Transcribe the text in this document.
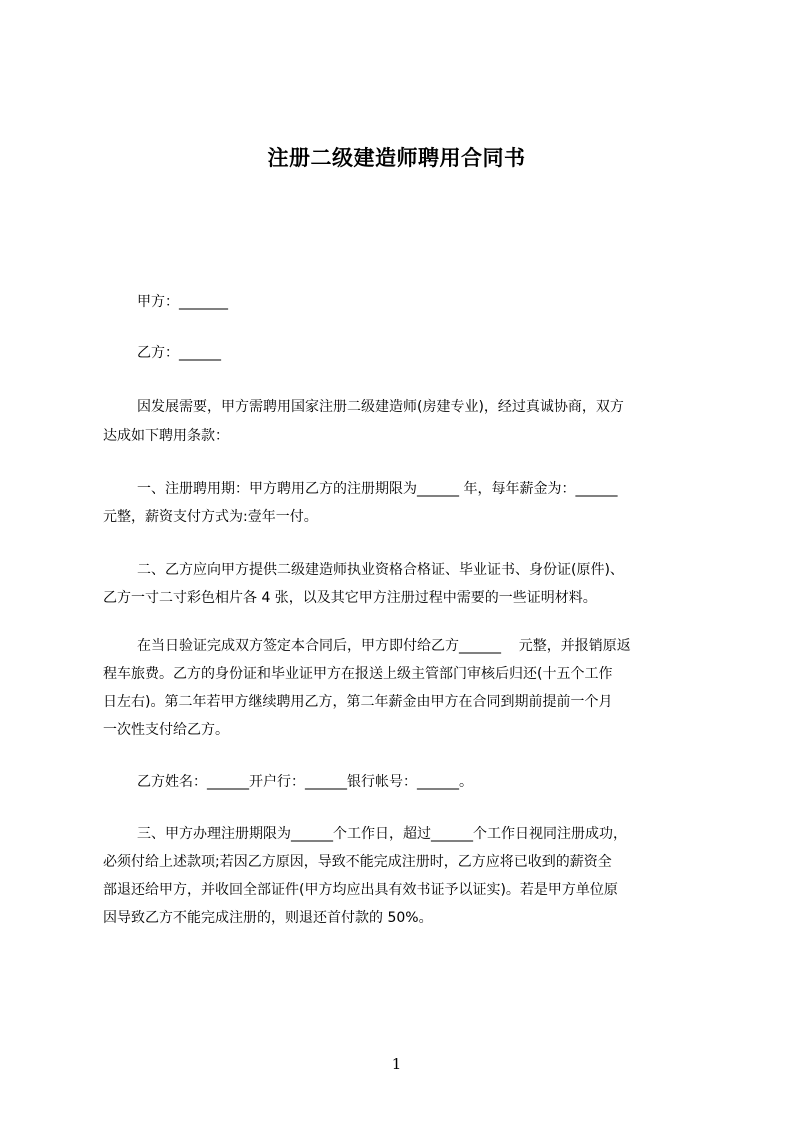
注册二级建造师聘用合同书
甲方：_______
乙方：______
因发展需要，甲方需聘用国家注册二级建造师(房建专业)，经过真诚协商，双方
达成如下聘用条款：
一、注册聘用期：甲方聘用乙方的注册期限为______ 年，每年薪金为：______
元整，薪资支付方式为:壹年一付。
二、乙方应向甲方提供二级建造师执业资格合格证、毕业证书、身份证(原件)、
乙方一寸二寸彩色相片各 4 张，以及其它甲方注册过程中需要的一些证明材料。
在当日验证完成双方签定本合同后，甲方即付给乙方______    元整，并报销原返
程车旅费。乙方的身份证和毕业证甲方在报送上级主管部门审核后归还(十五个工作
日左右)。第二年若甲方继续聘用乙方，第二年薪金由甲方在合同到期前提前一个月
一次性支付给乙方。
乙方姓名：______开户行：______银行帐号：______。
三、甲方办理注册期限为______个工作日，超过______个工作日视同注册成功，
必须付给上述款项;若因乙方原因，导致不能完成注册时，乙方应将已收到的薪资全
部退还给甲方，并收回全部证件(甲方均应出具有效书证予以证实)。若是甲方单位原
因导致乙方不能完成注册的，则退还首付款的 50%。
1
